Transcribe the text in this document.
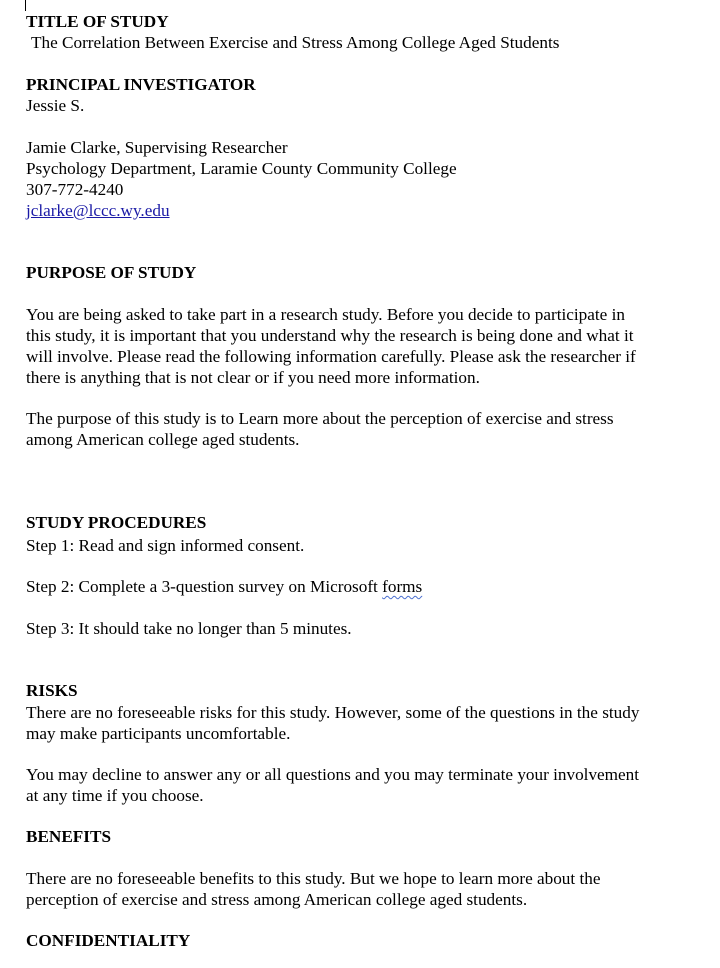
TITLE OF STUDY
The Correlation Between Exercise and Stress Among College Aged Students
PRINCIPAL INVESTIGATOR
Jessie S.
Jamie Clarke, Supervising Researcher
Psychology Department, Laramie County Community College
307-772-4240
jclarke@lccc.wy.edu
PURPOSE OF STUDY
You are being asked to take part in a research study. Before you decide to participate in
this study, it is important that you understand why the research is being done and what it
will involve. Please read the following information carefully. Please ask the researcher if
there is anything that is not clear or if you need more information.
The purpose of this study is to Learn more about the perception of exercise and stress
among American college aged students.
STUDY PROCEDURES
Step 1: Read and sign informed consent.
Step 2: Complete a 3-question survey on Microsoft forms
Step 3: It should take no longer than 5 minutes.
RISKS
There are no foreseeable risks for this study. However, some of the questions in the study
may make participants uncomfortable.
You may decline to answer any or all questions and you may terminate your involvement
at any time if you choose.
BENEFITS
There are no foreseeable benefits to this study. But we hope to learn more about the
perception of exercise and stress among American college aged students.
CONFIDENTIALITY
